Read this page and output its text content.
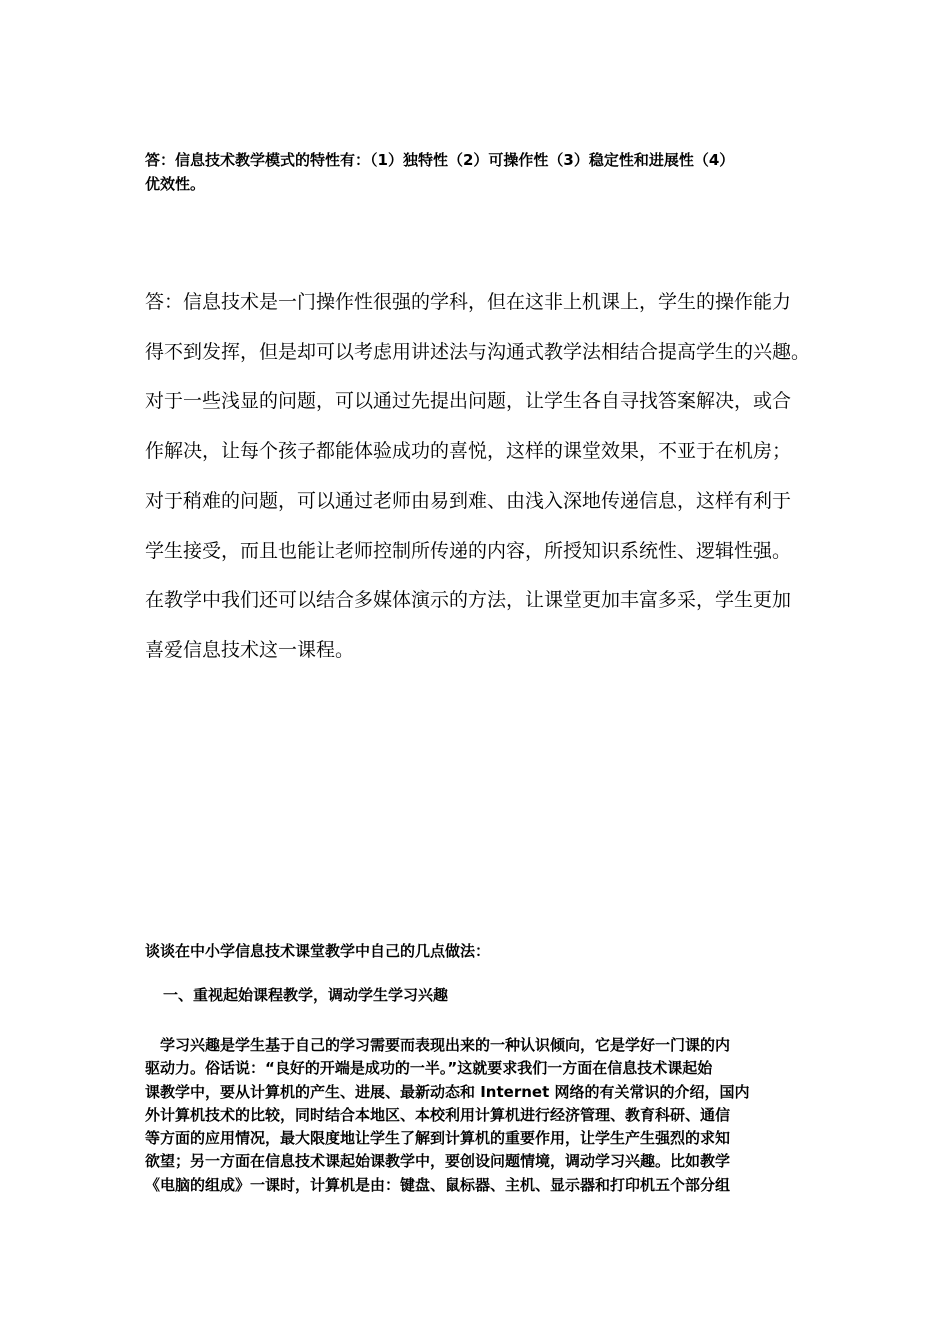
答：信息技术教学模式的特性有：（1）独特性（2）可操作性（3）稳定性和进展性（4）
优效性。

答：信息技术是一门操作性很强的学科，但在这非上机课上，学生的操作能力

得不到发挥，但是却可以考虑用讲述法与沟通式教学法相结合提高学生的兴趣。

对于一些浅显的问题，可以通过先提出问题，让学生各自寻找答案解决，或合

作解决，让每个孩子都能体验成功的喜悦，这样的课堂效果，不亚于在机房；

对于稍难的问题，可以通过老师由易到难、由浅入深地传递信息，这样有利于

学生接受，而且也能让老师控制所传递的内容，所授知识系统性、逻辑性强。

在教学中我们还可以结合多媒体演示的方法，让课堂更加丰富多采，学生更加

喜爱信息技术这一课程。

谈谈在中小学信息技术课堂教学中自己的几点做法：
一、重视起始课程教学，调动学生学习兴趣

　学习兴趣是学生基于自己的学习需要而表现出来的一种认识倾向，它是学好一门课的内

驱动力。俗话说：“良好的开端是成功的一半。”这就要求我们一方面在信息技术课起始

课教学中，要从计算机的产生、进展、最新动态和 Internet 网络的有关常识的介绍，国内

外计算机技术的比较，同时结合本地区、本校利用计算机进行经济管理、教育科研、通信

等方面的应用情况，最大限度地让学生了解到计算机的重要作用，让学生产生强烈的求知

欲望；另一方面在信息技术课起始课教学中，要创设问题情境，调动学习兴趣。比如教学

《电脑的组成》一课时，计算机是由：键盘、鼠标器、主机、显示器和打印机五个部分组
